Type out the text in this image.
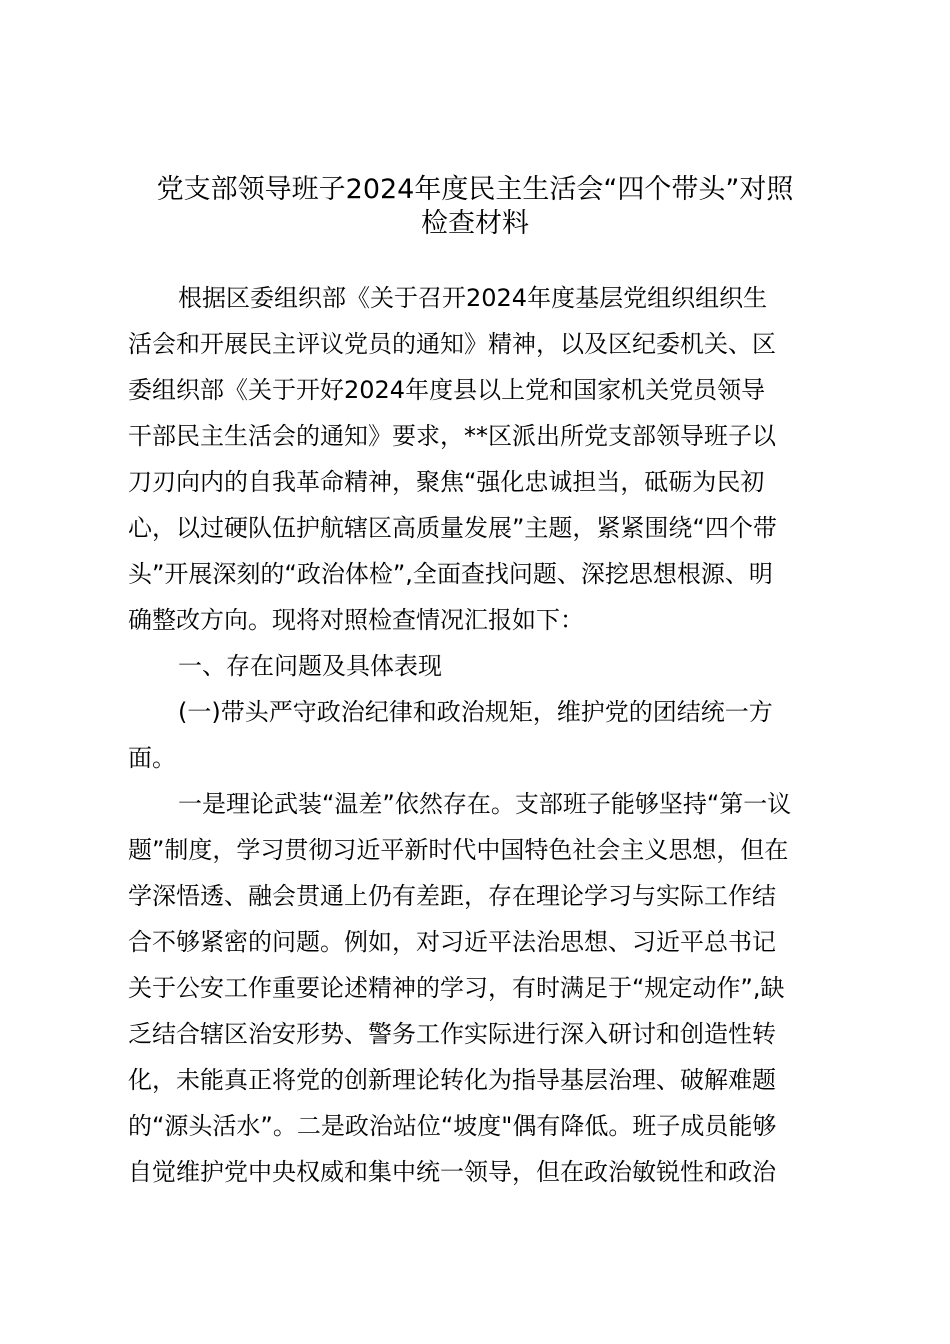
党支部领导班子2024年度民主生活会“四个带头”对照
检查材料

根据区委组织部《关于召开2024年度基层党组织组织生

活会和开展民主评议党员的通知》精神，以及区纪委机关、区

委组织部《关于开好2024年度县以上党和国家机关党员领导

干部民主生活会的通知》要求，**区派出所党支部领导班子以

刀刃向内的自我革命精神，聚焦“强化忠诚担当，砥砺为民初

心，以过硬队伍护航辖区高质量发展”主题，紧紧围绕“四个带

头”开展深刻的“政治体检”,全面查找问题、深挖思想根源、明

确整改方向。现将对照检查情况汇报如下：

一、存在问题及具体表现

(一)带头严守政治纪律和政治规矩，维护党的团结统一方

面。

一是理论武装“温差”依然存在。支部班子能够坚持“第一议

题”制度，学习贯彻习近平新时代中国特色社会主义思想，但在

学深悟透、融会贯通上仍有差距，存在理论学习与实际工作结

合不够紧密的问题。例如，对习近平法治思想、习近平总书记

关于公安工作重要论述精神的学习，有时满足于“规定动作”,缺

乏结合辖区治安形势、警务工作实际进行深入研讨和创造性转

化，未能真正将党的创新理论转化为指导基层治理、破解难题

的“源头活水”。二是政治站位“坡度"偶有降低。班子成员能够

自觉维护党中央权威和集中统一领导，但在政治敏锐性和政治
